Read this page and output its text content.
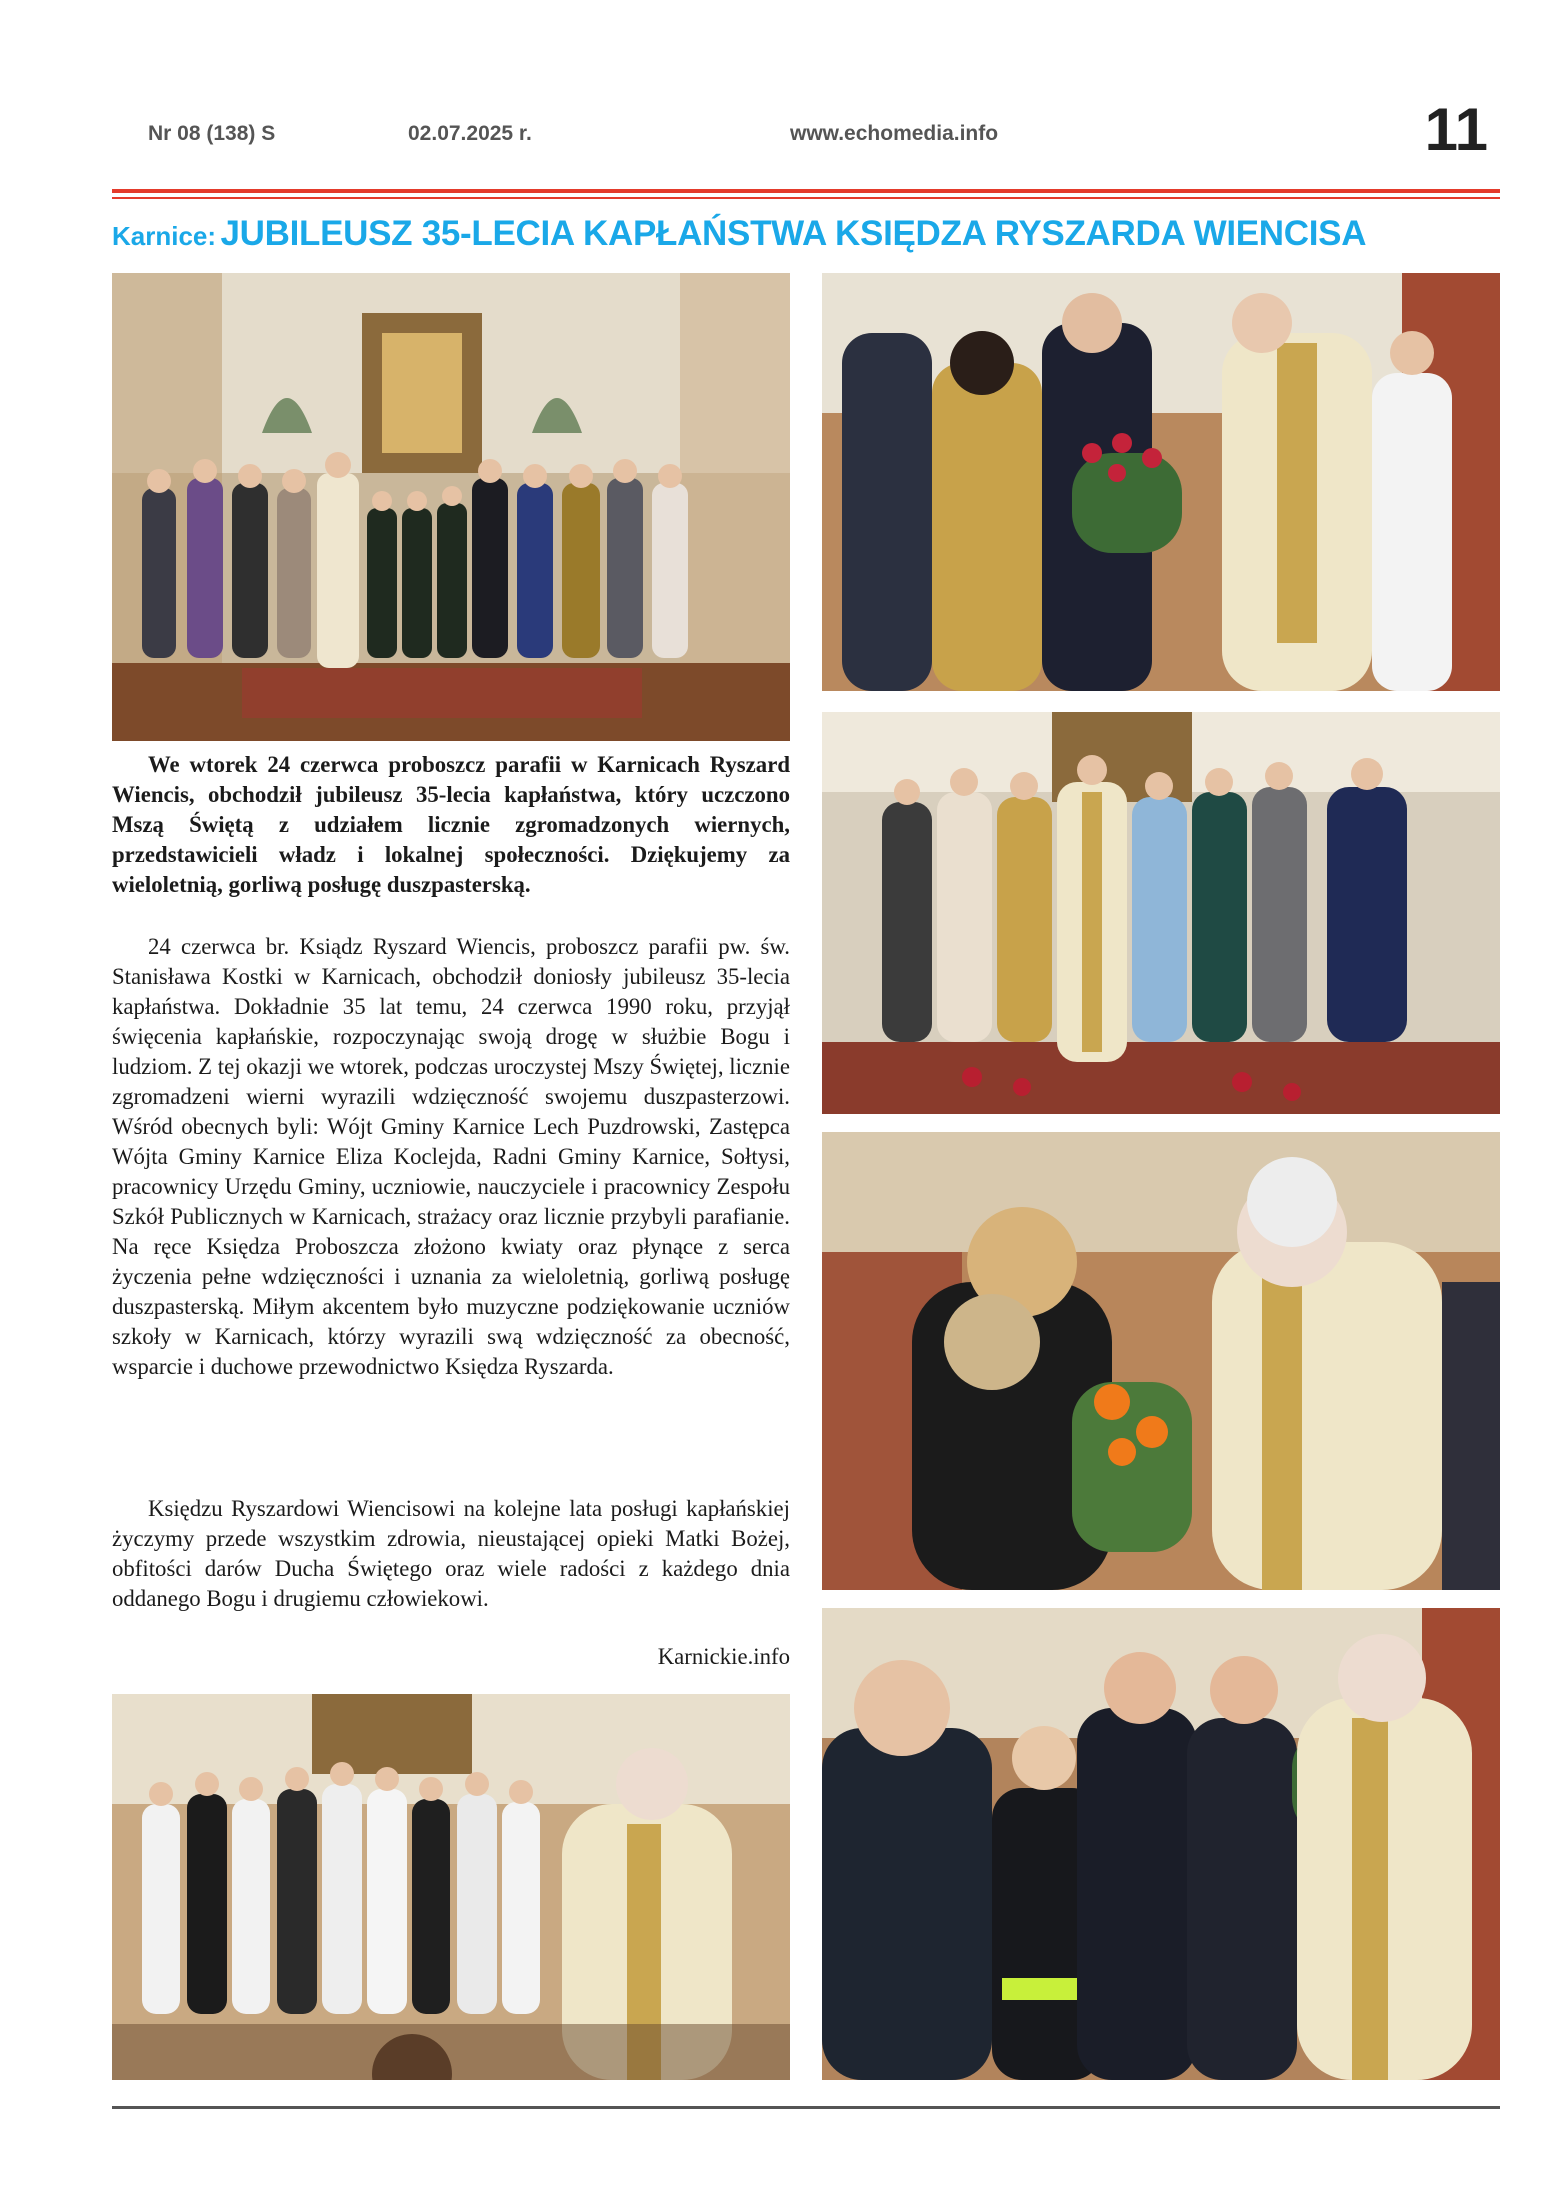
Nr 08 (138) S	02.07.2025 r.	www.echomedia.info	11
Karnice: JUBILEUSZ 35-LECIA KAPŁAŃSTWA KSIĘDZA RYSZARDA WIENCISA

We wtorek 24 czerwca proboszcz parafii w Karnicach Ryszard Wiencis, obchodził jubileusz 35-lecia kapłaństwa, który uczczono Mszą Świętą z udziałem licznie zgromadzonych wiernych, przedstawicieli władz i lokalnej społeczności. Dziękujemy za wieloletnią, gorliwą posługę duszpasterską.

24 czerwca br. Ksiądz Ryszard Wiencis, proboszcz parafii pw. św. Stanisława Kostki w Karnicach, obchodził doniosły jubileusz 35-lecia kapłaństwa. Dokładnie 35 lat temu, 24 czerwca 1990 roku, przyjął święcenia kapłańskie, rozpoczynając swoją drogę w służbie Bogu i ludziom. Z tej okazji we wtorek, podczas uroczystej Mszy Świętej, licznie zgromadzeni wierni wyrazili wdzięczność swojemu duszpasterzowi. Wśród obecnych byli: Wójt Gminy Karnice Lech Puzdrowski, Zastępca Wójta Gminy Karnice Eliza Koclejda, Radni Gminy Karnice, Sołtysi, pracownicy Urzędu Gminy, uczniowie, nauczyciele i pracownicy Zespołu Szkół Publicznych w Karnicach, strażacy oraz licznie przybyli parafianie. Na ręce Księdza Proboszcza złożono kwiaty oraz płynące z serca życzenia pełne wdzięczności i uznania za wieloletnią, gorliwą posługę duszpasterską. Miłym akcentem było muzyczne podziękowanie uczniów szkoły w Karnicach, którzy wyrazili swą wdzięczność za obecność, wsparcie i duchowe przewodnictwo Księdza Ryszarda.

Księdzu Ryszardowi Wiencisowi na kolejne lata posługi kapłańskiej życzymy przede wszystkim zdrowia, nieustającej opieki Matki Bożej, obfitości darów Ducha Świętego oraz wiele radości z każdego dnia oddanego Bogu i drugiemu człowiekowi.

Karnickie.info
